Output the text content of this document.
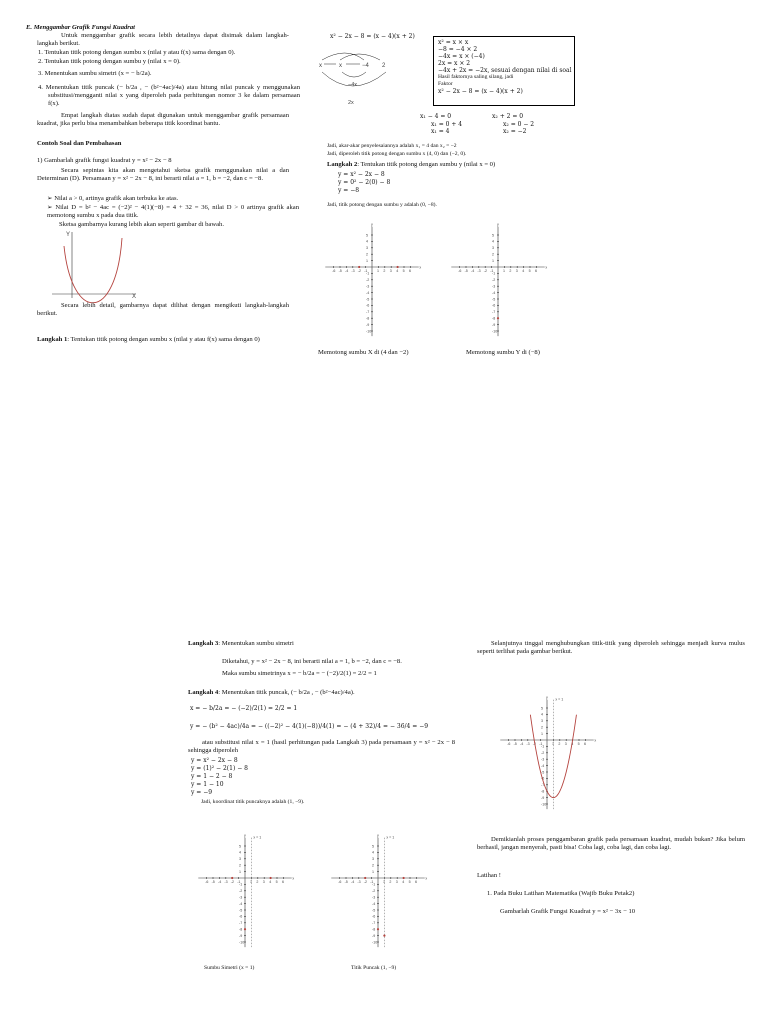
E. Menggambar Grafik Fungsi Kuadrat
Untuk menggambar grafik secara lebih detailnya dapat disimak dalam langkah-langkah berikut.
1. Tentukan titik potong dengan sumbu x (nilai y atau f(x) sama dengan 0).
2. Tentukan titik potong dengan sumbu y (nilai x = 0).
3. Menentukan sumbu simetri (x = − b/2a).
4. Menentukan titik puncak (− b/2a , − (b²−4ac)/4a) atau hitung nilai puncak y menggunakan substitusi/mengganti nilai x yang diperoleh pada perhitungan nomor 3 ke dalam persamaan f(x).
Empat langkah diatas sudah dapat digunakan untuk menggambar grafik persamaan kuadrat, jika perlu bisa menambahkan beberapa titik koordinat bantu.
Contoh Soal dan Pembahasan
1) Gambarlah grafik fungsi kuadrat y = x² − 2x − 8
Secara sepintas kita akan mengetahui sketsa grafik menggunakan nilai a dan Determinan (D). Persamaan y = x² − 2x − 8, ini berarti nilai a = 1, b = −2, dan c = −8.
➢ Nilai a > 0, artinya grafik akan terbuka ke atas.
➢ Nilai D = b² − 4ac = (−2)² − 4(1)(−8) = 4 + 32 = 36, nilai D > 0 artinya grafik akan memotong sumbu x pada dua titik.
Sketsa gambarnya kurang lebih akan seperti gambar di bawah.
Y
X
Secara lebih detail, gambarnya dapat dilihat dengan mengikuti langkah-langkah berikut.
Langkah 1: Tentukan titik potong dengan sumbu x (nilai y atau f(x) sama dengan 0)
x² − 2x − 8 = (x − 4)(x + 2)
x	x	−4 2
−4x
2x
x² = x × x
−8 = −4 × 2
−4x = x × (−4)
2x = x × 2
−4x + 2x = −2x, sesuai dengan nilai di soal
Hasil faktornya saling silang, jadi
Faktor
x² − 2x − 8 = (x − 4)(x + 2)
x₁ − 4 = 0
x₁ = 0 + 4
x₁ = 4
x₂ + 2 = 0
x₂ = 0 − 2
x₂ = −2
Jadi, akar-akar penyelesaiannya adalah x₁ = 4 dan x₂ = −2
Jadi, diperoleh titik potong dengan sumbu x (4, 0) dan (−2, 0).
Langkah 2: Tentukan titik potong dengan sumbu y (nilai x = 0)
y = x² − 2x − 8
y = 0² − 2(0) − 8
y = −8
Jadi, titik potong dengan sumbu y adalah (0, −8).
x
y
-6 -5 -4 -3 -2 -1	1 2 3 4 5 6
5
4
3
2
1
-1
-2
-3
-4
-5
-6
-7
-8
-9
-10
x
y
-6 -5 -4 -3 -2 -1	1 2 3 4 5 6
5
4
3
2
1
-1
-2
-3
-4
-5
-6
-7
-8
-9
-10
Memotong sumbu X di (4 dan −2)	Memotong sumbu Y di (−8)
Langkah 3: Menentukan sumbu simetri
Diketahui, y = x² − 2x − 8, ini berarti nilai a = 1, b = −2, dan c = −8.
Maka sumbu simetrinya x = − b/2a = − (−2)/2(1) = 2/2 = 1
Langkah 4: Menentukan titik puncak, (− b/2a , − (b²−4ac)/4a).
x = − b/2a = − (−2)/2(1) = 2/2 = 1
y = − (b² − 4ac)/4a = − ((−2)² − 4(1)(−8))/4(1) = − (4 + 32)/4 = − 36/4 = −9
atau substitusi nilai x = 1 (hasil perhitungan pada Langkah 3) pada persamaan y = x² − 2x − 8 sehingga diperoleh
y = x² − 2x − 8
y = (1)² − 2(1) − 8
y = 1 − 2 − 8
y = 1 − 10
y = −9
Jadi, koordinat titik puncaknya adalah (1, −9).
x
y
-6 -5 -4 -3 -2 -1	1 2 3 4 5 6
5
4
3
2
1
-1
-2
-3
-4
-5
-6
-7
-8
-9
-10
x = 1
x
y
-6 -5 -4 -3 -2 -1	1 2 3 4 5 6
5
4
3
2
1
-1
-2
-3
-4
-5
-6
-7
-8
-9
-10
x = 1
Sumbu Simetri (x = 1)	Titik Puncak (1, −9)
Selanjutnya tinggal menghubungkan titik-titik yang diperoleh sehingga menjadi kurva mulus seperti terlihat pada gambar berikut.
x
y
-6 -5 -4 -3 -2 -1	1 2 3 4 5 6
5
4
3
2
1
-1
-2
-3
-4
-5
-6
-7
-8
-9
-10
x = 1
Demikianlah proses penggambaran grafik pada persamaan kuadrat, mudah bukan? Jika belum berhasil, jangan menyerah, pasti bisa! Coba lagi, coba lagi, dan coba lagi.
Latihan !
1. Pada Buku Latihan Matematika (Wajib Buku Petak2)
Gambarlah Grafik Fungsi Kuadrat y = x² − 3x − 10
